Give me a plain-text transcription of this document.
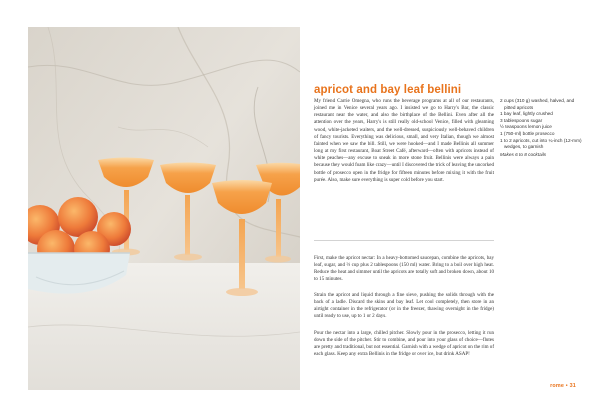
apricot and bay leaf bellini

My friend Carrie Omegna, who runs the beverage programs at all of our restaurants, joined me in Venice several years ago. I insisted we go to Harry's Bar, the classic restaurant near the water, and also the birthplace of the Bellini. Even after all the attention over the years, Harry's is still really old-school Venice, filled with gleaming wood, white-jacketed waiters, and the well-dressed, suspiciously well-behaved children of fancy tourists. Everything was delicious, small, and very Italian, though we almost fainted when we saw the bill. Still, we were hooked—and I made Bellinis all summer long at my first restaurant, Boat Street Café, afterward—often with apricots instead of white peaches—any excuse to sneak in more stone fruit. Bellinis were always a pain because they would foam like crazy—until I discovered the trick of leaving the uncorked bottle of prosecco open in the fridge for fifteen minutes before mixing it with the fruit purée. Also, make sure everything is super cold before you start.

2 cups (310 g) washed, halved, and pitted apricots
1 bay leaf, lightly crushed
3 tablespoons sugar
½ teaspoons lemon juice
1 (750-ml) bottle prosecco
1 to 2 apricots, cut into ¼-inch (12-mm) wedges, to garnish
Makes 6 to 8 cocktails

First, make the apricot nectar: In a heavy-bottomed saucepan, combine the apricots, bay leaf, sugar, and ⅔ cup plus 2 tablespoons (150 ml) water. Bring to a boil over high heat. Reduce the heat and simmer until the apricots are totally soft and broken down, about 10 to 15 minutes.

Strain the apricot and liquid through a fine sieve, pushing the solids through with the back of a ladle. Discard the skins and bay leaf. Let cool completely, then store in an airtight container in the refrigerator (or in the freezer, thawing overnight in the fridge) until ready to use, up to 1 or 2 days.

Pour the nectar into a large, chilled pitcher. Slowly pour in the prosecco, letting it run down the side of the pitcher. Stir to combine, and pour into your glass of choice—flutes are pretty and traditional, but not essential. Garnish with a wedge of apricot on the rim of each glass. Keep any extra Bellinis in the fridge or over ice, but drink ASAP!

rome • 31
